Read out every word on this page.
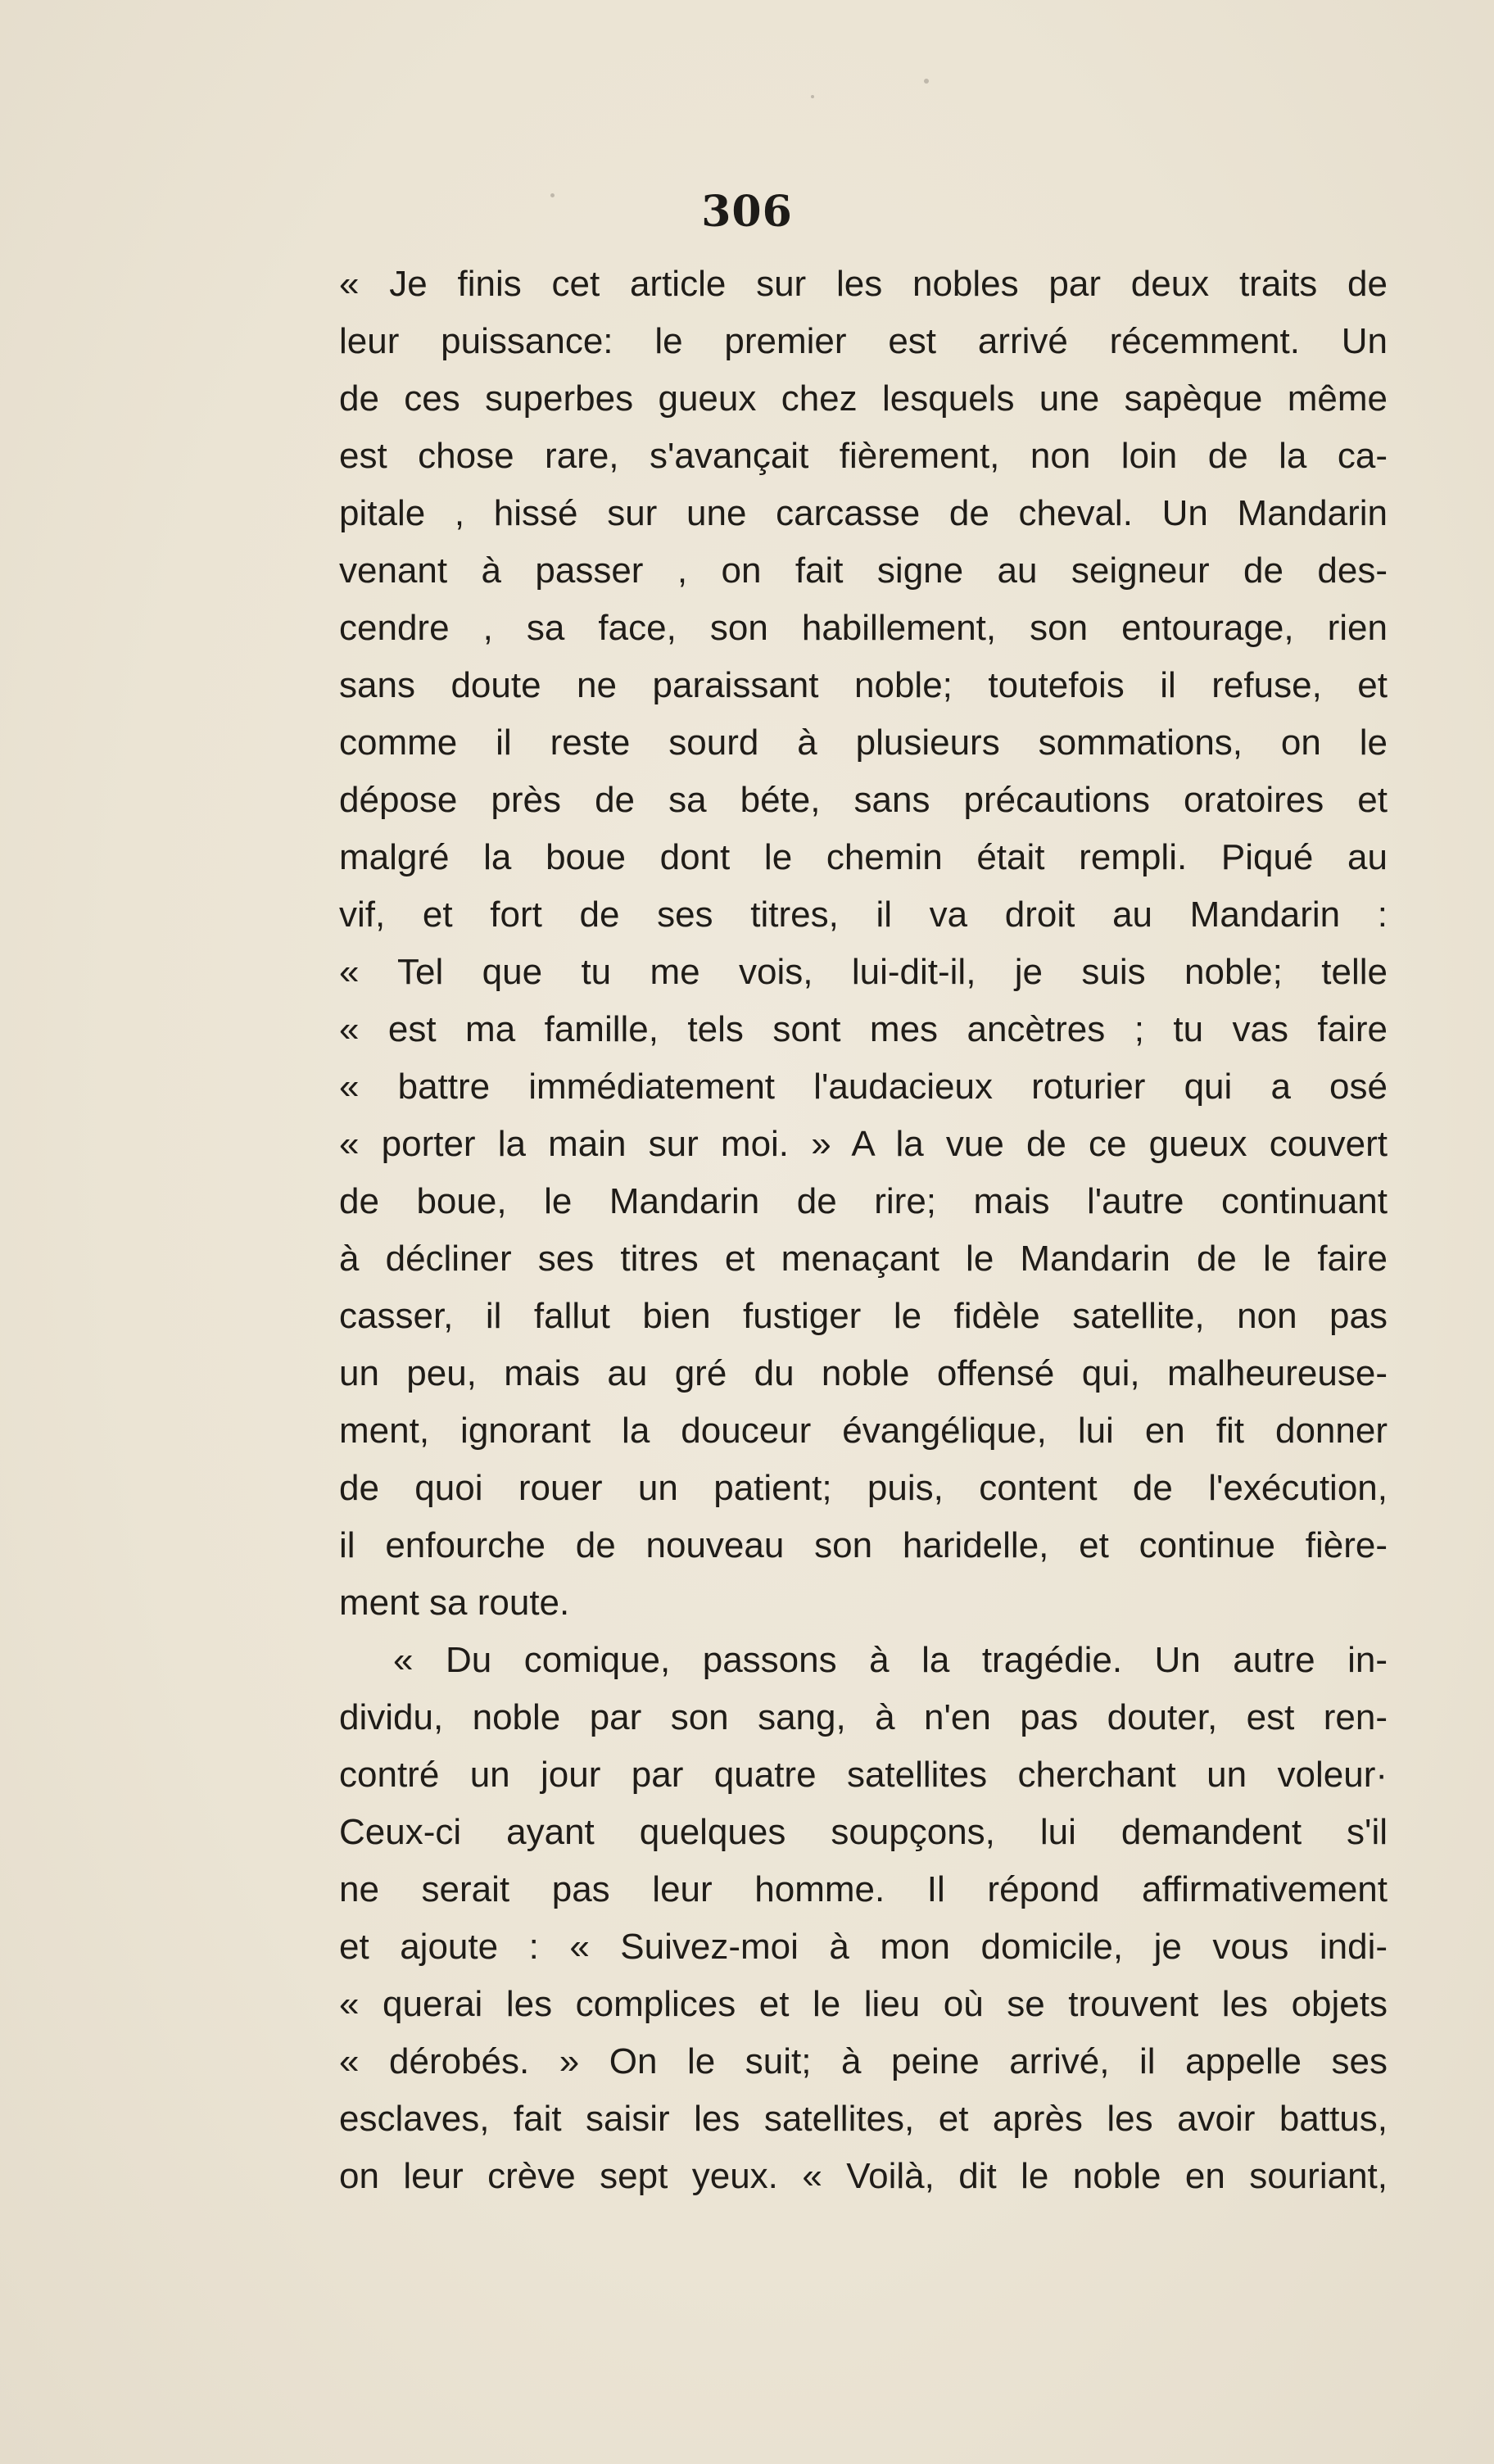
306
« Je finis cet article sur les nobles par deux traits de
leur puissance: le premier est arrivé récemment. Un
de ces superbes gueux chez lesquels une sapèque même
est chose rare, s'avançait fièrement, non loin de la ca-
pitale , hissé sur une carcasse de cheval. Un Mandarin
venant à passer , on fait signe au seigneur de des-
cendre , sa face, son habillement, son entourage, rien
sans doute ne paraissant noble; toutefois il refuse, et
comme il reste sourd à plusieurs sommations, on le
dépose près de sa béte, sans précautions oratoires et
malgré la boue dont le chemin était rempli. Piqué au
vif, et fort de ses titres, il va droit au Mandarin :
« Tel que tu me vois, lui-dit-il, je suis noble; telle
« est ma famille, tels sont mes ancètres ; tu vas faire
« battre immédiatement l'audacieux roturier qui a osé
« porter la main sur moi. » A la vue de ce gueux couvert
de boue, le Mandarin de rire; mais l'autre continuant
à décliner ses titres et menaçant le Mandarin de le faire
casser, il fallut bien fustiger le fidèle satellite, non pas
un peu, mais au gré du noble offensé qui, malheureuse-
ment, ignorant la douceur évangélique, lui en fit donner
de quoi rouer un patient; puis, content de l'exécution,
il enfourche de nouveau son haridelle, et continue fière-
ment sa route.
« Du comique, passons à la tragédie. Un autre in-
dividu, noble par son sang, à n'en pas douter, est ren-
contré un jour par quatre satellites cherchant un voleur·
Ceux-ci ayant quelques soupçons, lui demandent s'il
ne serait pas leur homme. Il répond affirmativement
et ajoute : « Suivez-moi à mon domicile, je vous indi-
« querai les complices et le lieu où se trouvent les objets
« dérobés. » On le suit; à peine arrivé, il appelle ses
esclaves, fait saisir les satellites, et après les avoir battus,
on leur crève sept yeux. « Voilà, dit le noble en souriant,
